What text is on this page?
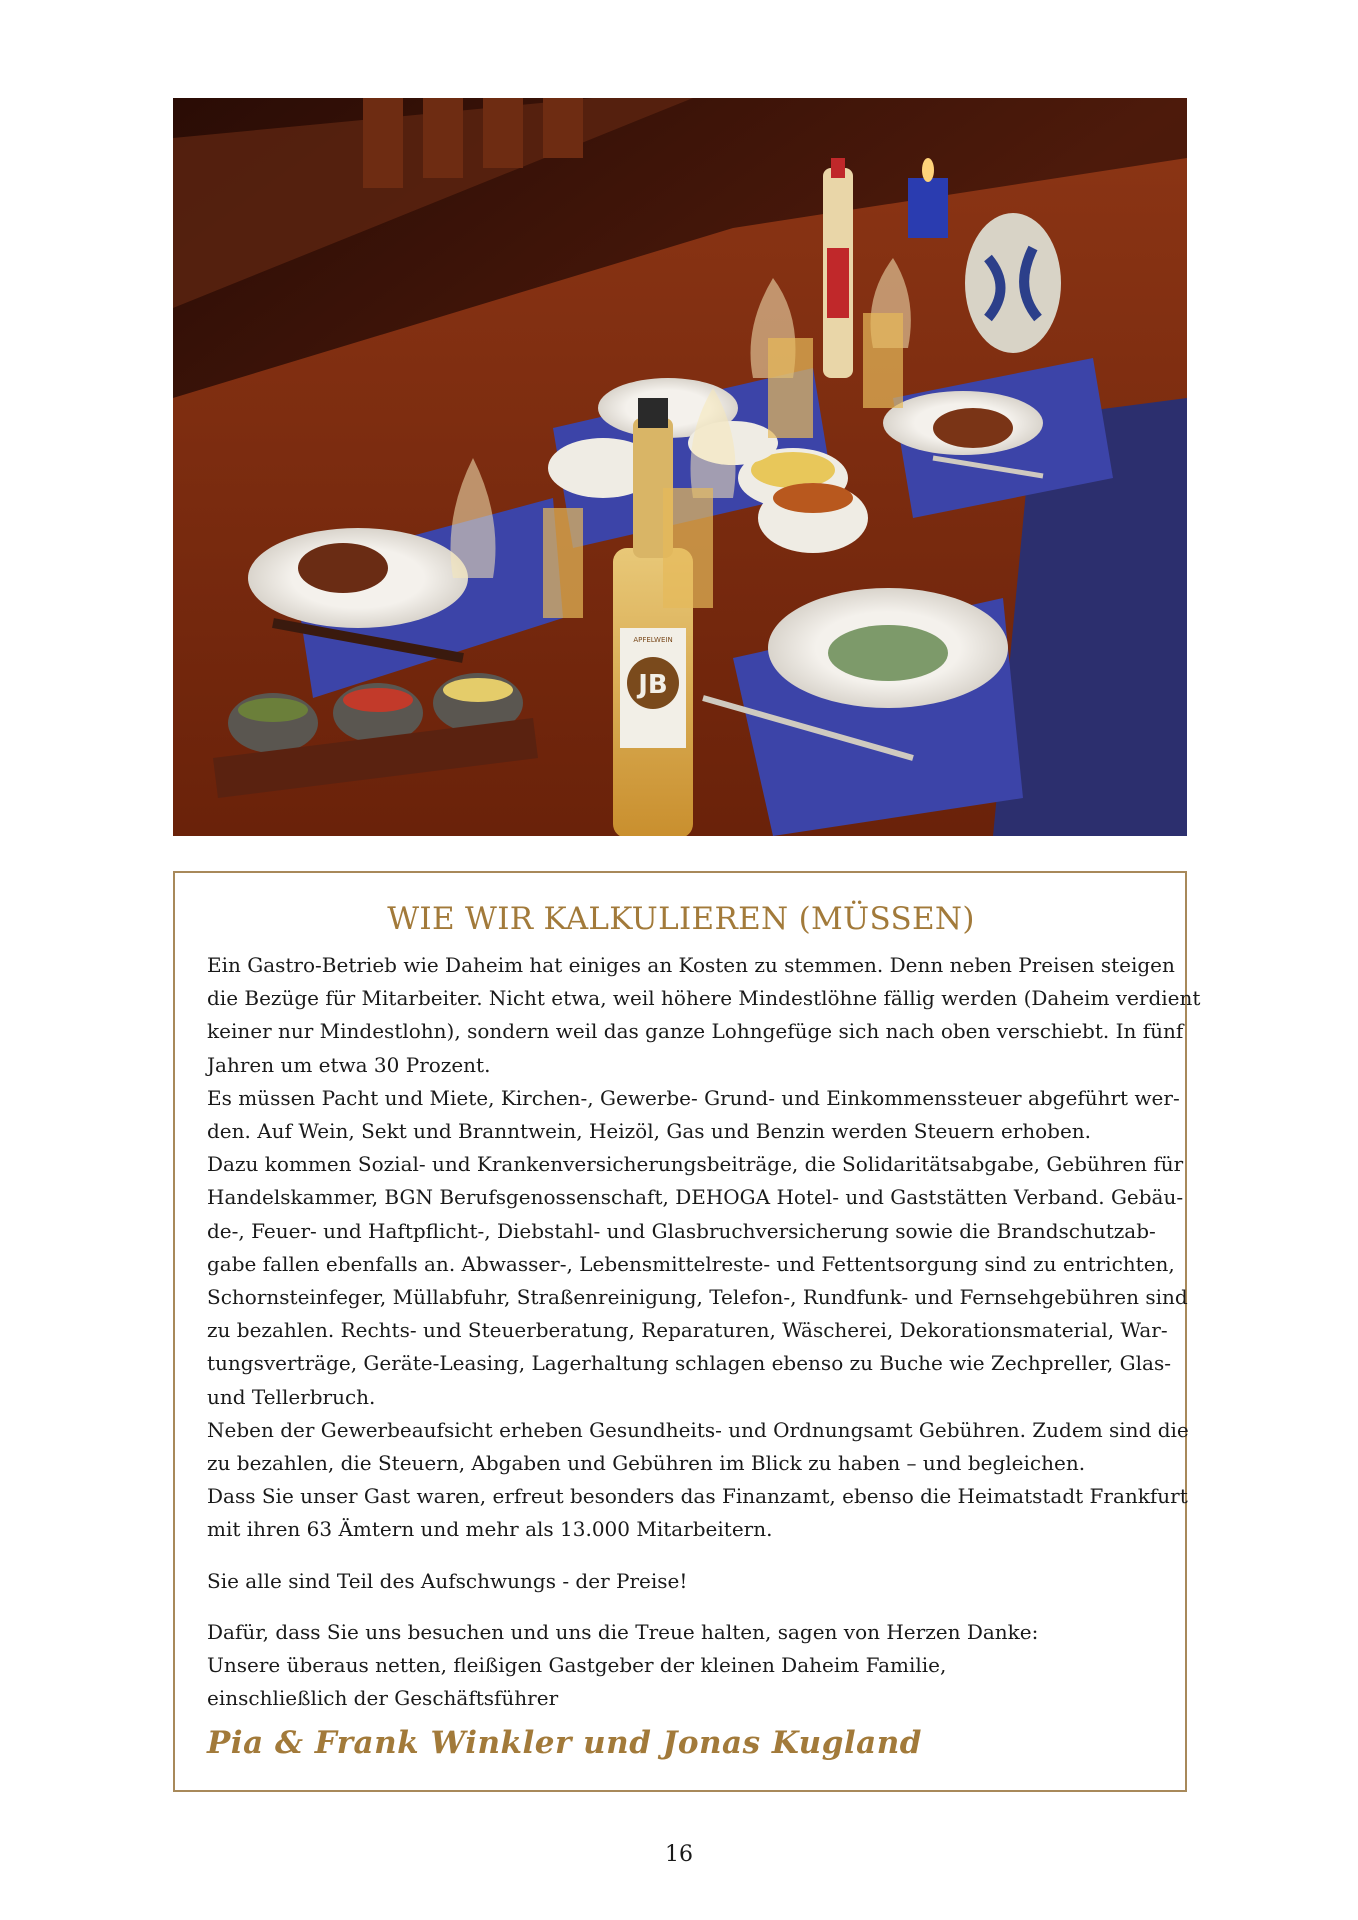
JB
APFELWEIN
WIE WIR KALKULIEREN (MÜSSEN)

Ein Gastro-Betrieb wie Daheim hat einiges an Kosten zu stemmen. Denn neben Preisen steigen
die Bezüge für Mitarbeiter. Nicht etwa, weil höhere Mindestlöhne fällig werden (Daheim verdient
keiner nur Mindestlohn), sondern weil das ganze Lohngefüge sich nach oben verschiebt. In fünf
Jahren um etwa 30 Prozent.
Es müssen Pacht und Miete, Kirchen-, Gewerbe- Grund- und Einkommenssteuer abgeführt wer-
den. Auf Wein, Sekt und Branntwein, Heizöl, Gas und Benzin werden Steuern erhoben.
Dazu kommen Sozial- und Krankenversicherungsbeiträge, die Solidaritätsabgabe, Gebühren für
Handelskammer, BGN Berufsgenossenschaft, DEHOGA Hotel- und Gaststätten Verband. Gebäu-
de-, Feuer- und Haftpflicht-, Diebstahl- und Glasbruchversicherung sowie die Brandschutzab-
gabe fallen ebenfalls an. Abwasser-, Lebensmittelreste- und Fettentsorgung sind zu entrichten,
Schornsteinfeger, Müllabfuhr, Straßenreinigung, Telefon-, Rundfunk- und Fernsehgebühren sind
zu bezahlen. Rechts- und Steuerberatung, Reparaturen, Wäscherei, Dekorationsmaterial, War-
tungsverträge, Geräte-Leasing, Lagerhaltung schlagen ebenso zu Buche wie Zechpreller, Glas-
und Tellerbruch.
Neben der Gewerbeaufsicht erheben Gesundheits- und Ordnungsamt Gebühren. Zudem sind die
zu bezahlen, die Steuern, Abgaben und Gebühren im Blick zu haben – und begleichen.
Dass Sie unser Gast waren, erfreut besonders das Finanzamt, ebenso die Heimatstadt Frankfurt
mit ihren 63 Ämtern und mehr als 13.000 Mitarbeitern.

Sie alle sind Teil des Aufschwungs - der Preise!

Dafür, dass Sie uns besuchen und uns die Treue halten, sagen von Herzen Danke:
Unsere überaus netten, fleißigen Gastgeber der kleinen Daheim Familie,
einschließlich der Geschäftsführer

Pia & Frank Winkler und Jonas Kugland
16
